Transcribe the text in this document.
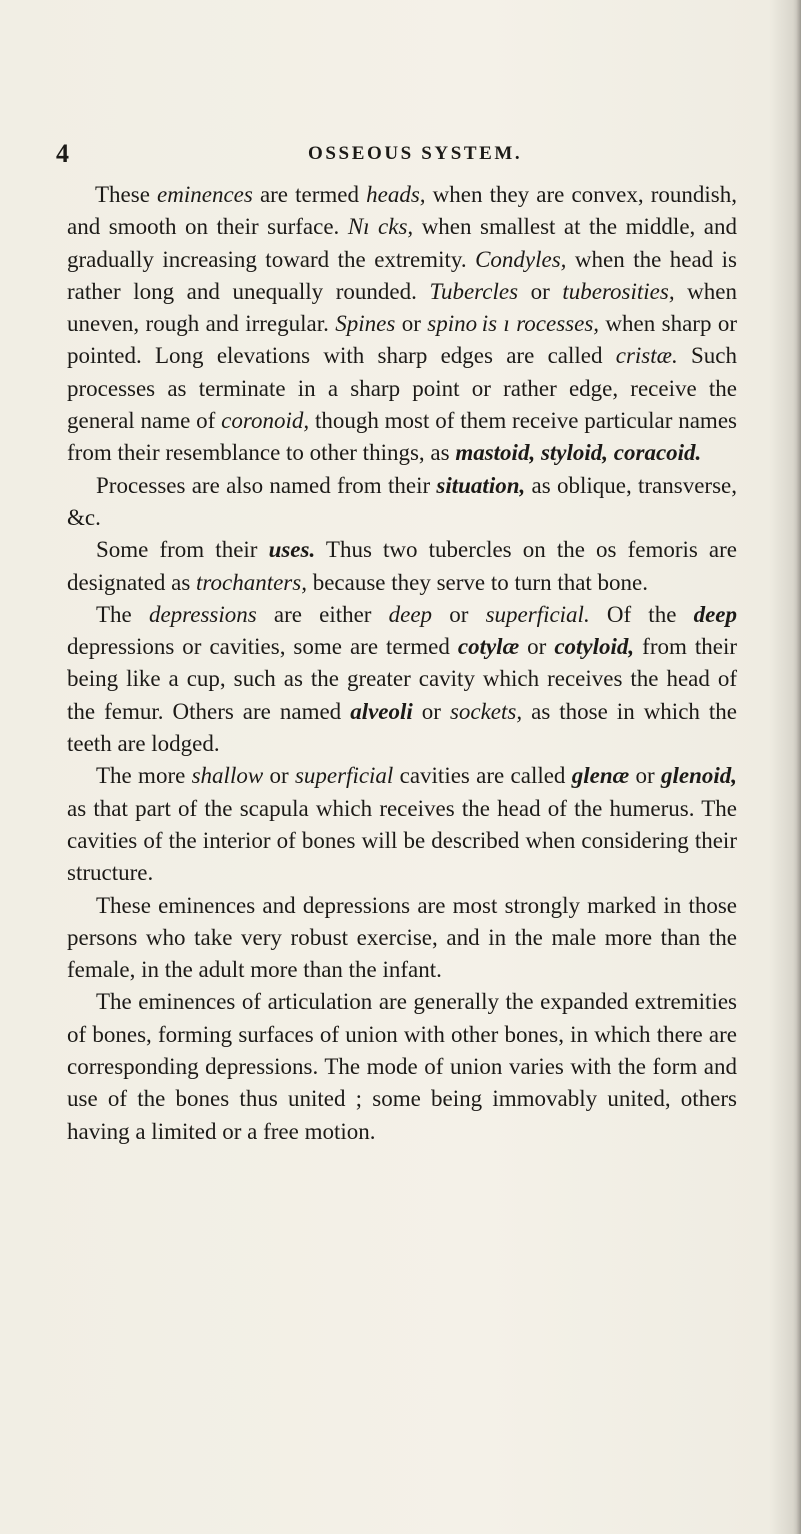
4	OSSEOUS SYSTEM.

These eminences are termed heads, when they are convex, roundish, and smooth on their surface. Nı cks, when smallest at the middle, and gradually increasing toward the extremity. Condyles, when the head is rather long and unequally rounded. Tubercles or tuberosities, when uneven, rough and irregular. Spines or spino is ı rocesses, when sharp or pointed. Long elevations with sharp edges are called cristæ. Such processes as terminate in a sharp point or rather edge, receive the general name of coronoid, though most of them receive particular names from their resemblance to other things, as mastoid, styloid, coracoid.

Processes are also named from their situation, as oblique, transverse, &c.

Some from their uses. Thus two tubercles on the os femoris are designated as trochanters, because they serve to turn that bone.

The depressions are either deep or superficial. Of the deep depressions or cavities, some are termed cotylæ or cotyloid, from their being like a cup, such as the greater cavity which receives the head of the femur. Others are named alveoli or sockets, as those in which the teeth are lodged.

The more shallow or superficial cavities are called glenæ or glenoid, as that part of the scapula which receives the head of the humerus. The cavities of the interior of bones will be described when considering their structure.

These eminences and depressions are most strongly marked in those persons who take very robust exercise, and in the male more than the female, in the adult more than the infant.

The eminences of articulation are generally the expanded extremities of bones, forming surfaces of union with other bones, in which there are corresponding depressions. The mode of union varies with the form and use of the bones thus united ; some being immovably united, others having a limited or a free motion.
